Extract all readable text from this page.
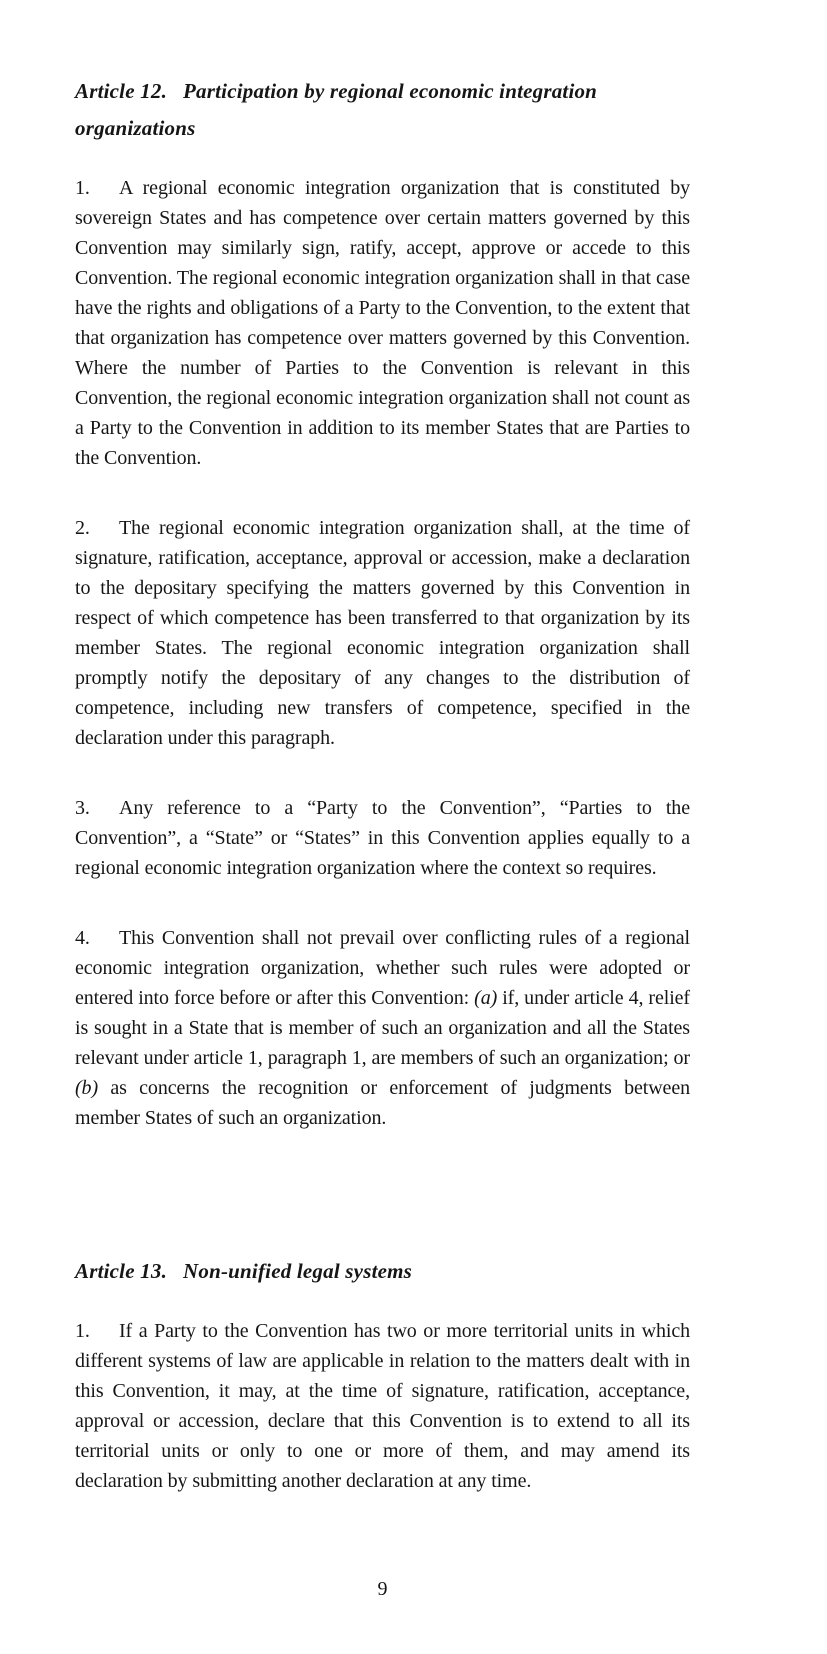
Article 12. Participation by regional economic integration organizations

1. A regional economic integration organization that is constituted by sovereign States and has competence over certain matters governed by this Convention may similarly sign, ratify, accept, approve or accede to this Convention. The regional economic integration organization shall in that case have the rights and obligations of a Party to the Convention, to the extent that that organization has competence over matters governed by this Convention. Where the number of Parties to the Convention is relevant in this Convention, the regional economic integration organization shall not count as a Party to the Convention in addition to its member States that are Parties to the Convention.

2. The regional economic integration organization shall, at the time of signature, ratification, acceptance, approval or accession, make a declaration to the depositary specifying the matters governed by this Convention in respect of which competence has been transferred to that organization by its member States. The regional economic integration organization shall promptly notify the depositary of any changes to the distribution of competence, including new transfers of competence, specified in the declaration under this paragraph.

3. Any reference to a “Party to the Convention”, “Parties to the Convention”, a “State” or “States” in this Convention applies equally to a regional economic integration organization where the context so requires.

4. This Convention shall not prevail over conflicting rules of a regional economic integration organization, whether such rules were adopted or entered into force before or after this Convention: (a) if, under article 4, relief is sought in a State that is member of such an organization and all the States relevant under article 1, paragraph 1, are members of such an organization; or (b) as concerns the recognition or enforcement of judgments between member States of such an organization.

Article 13. Non-unified legal systems

1. If a Party to the Convention has two or more territorial units in which different systems of law are applicable in relation to the matters dealt with in this Convention, it may, at the time of signature, ratification, acceptance, approval or accession, declare that this Convention is to extend to all its territorial units or only to one or more of them, and may amend its declaration by submitting another declaration at any time.

9
